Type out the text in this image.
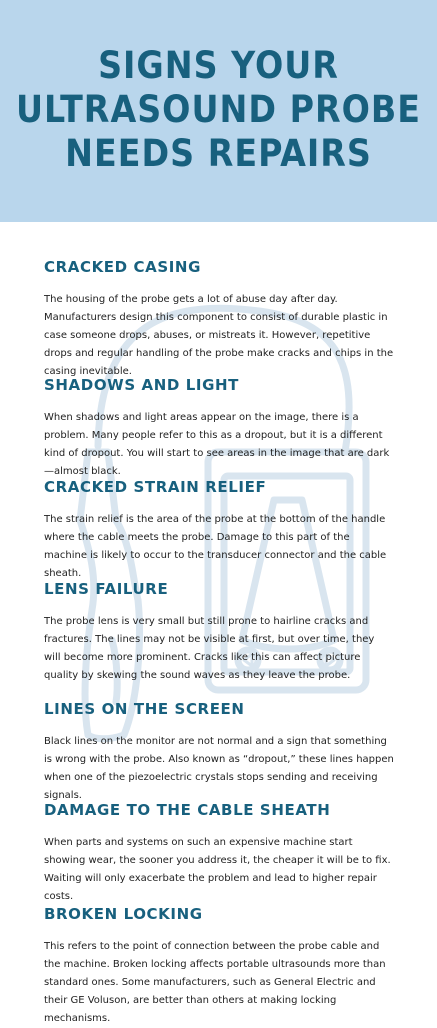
SIGNS YOUR
ULTRASOUND PROBE
NEEDS REPAIRS
CRACKED CASING

The housing of the probe gets a lot of abuse day after day. Manufacturers design this component to consist of durable plastic in case someone drops, abuses, or mistreats it. However, repetitive drops and regular handling of the probe make cracks and chips in the casing inevitable.

SHADOWS AND LIGHT

When shadows and light areas appear on the image, there is a problem. Many people refer to this as a dropout, but it is a different kind of dropout. You will start to see areas in the image that are dark—almost black.

CRACKED STRAIN RELIEF

The strain relief is the area of the probe at the bottom of the handle where the cable meets the probe. Damage to this part of the machine is likely to occur to the transducer connector and the cable sheath.

LENS FAILURE

The probe lens is very small but still prone to hairline cracks and fractures. The lines may not be visible at first, but over time, they will become more prominent. Cracks like this can affect picture quality by skewing the sound waves as they leave the probe.

LINES ON THE SCREEN

Black lines on the monitor are not normal and a sign that something is wrong with the probe. Also known as “dropout,” these lines happen when one of the piezoelectric crystals stops sending and receiving signals.

DAMAGE TO THE CABLE SHEATH

When parts and systems on such an expensive machine start showing wear, the sooner you address it, the cheaper it will be to fix. Waiting will only exacerbate the problem and lead to higher repair costs.

BROKEN LOCKING

This refers to the point of connection between the probe cable and the machine. Broken locking affects portable ultrasounds more than standard ones. Some manufacturers, such as General Electric and their GE Voluson, are better than others at making locking mechanisms.
